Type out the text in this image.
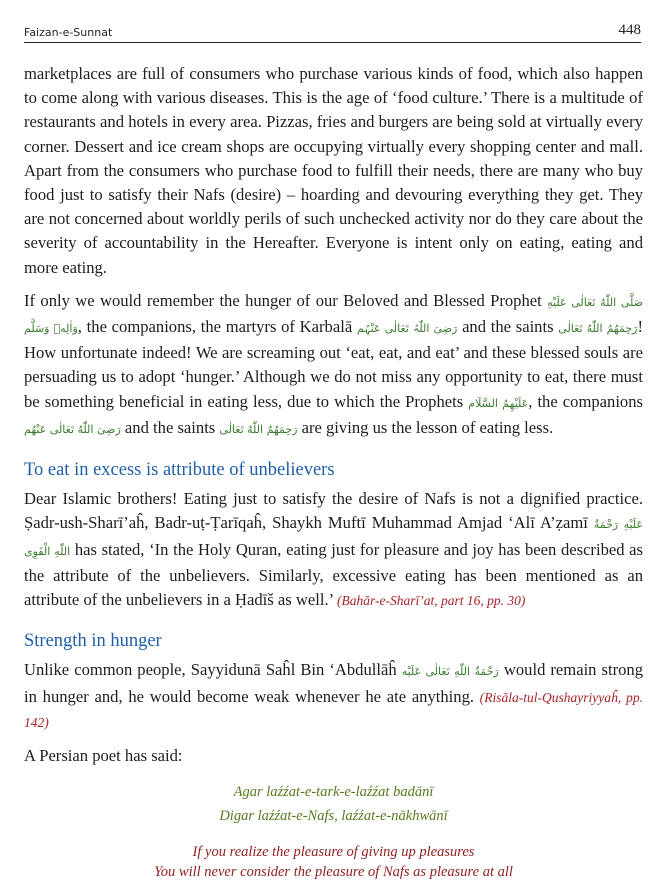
Faizan-e-Sunnat	448

marketplaces are full of consumers who purchase various kinds of food, which also happen to come along with various diseases. This is the age of ‘food culture.’ There is a multitude of restaurants and hotels in every area. Pizzas, fries and burgers are being sold at virtually every corner. Dessert and ice cream shops are occupying virtually every shopping center and mall. Apart from the consumers who purchase food to fulfill their needs, there are many who buy food just to satisfy their Nafs (desire) – hoarding and devouring everything they get. They are not concerned about worldly perils of such unchecked activity nor do they care about the severity of accountability in the Hereafter. Everyone is intent only on eating, eating and more eating.

If only we would remember the hunger of our Beloved and Blessed Prophet صَلَّى اللّٰهُ تَعَالٰى عَلَيْهِ وَاٰلِهٖ وَسَلَّم, the companions, the martyrs of Karbalā رَضِیَ اللّٰہُ تَعَالٰی عَنْہُم and the saints رَحِمَهُمُ اللّٰهُ تَعَالٰی! How unfortunate indeed! We are screaming out ‘eat, eat, and eat’ and these blessed souls are persuading us to adopt ‘hunger.’ Although we do not miss any opportunity to eat, there must be something beneficial in eating less, due to which the Prophets عَلَيْهِمُ السَّلَام, the companions رَضِیَ اللّٰهُ تَعَالٰی عَنْهُم and the saints رَحِمَهُمُ اللّٰهُ تَعَالٰی are giving us the lesson of eating less.

To eat in excess is attribute of unbelievers

Dear Islamic brothers! Eating just to satisfy the desire of Nafs is not a dignified practice. Ṣadr-ush-Sharī’aĥ, Badr-uṭ-Ṭarīqaĥ, Shaykh Muftī Muhammad Amjad ‘Alī A’ẓamī عَلَيْهِ رَحْمَةُ اللّٰهِ الْقَوِی has stated, ‘In the Holy Quran, eating just for pleasure and joy has been described as the attribute of the unbelievers. Similarly, excessive eating has been mentioned as an attribute of the unbelievers in a Ḥadīš as well.’ (Bahār-e-Sharī’at, part 16, pp. 30)

Strength in hunger

Unlike common people, Sayyidunā Saĥl Bin ‘Abdullāĥ رَحْمَةُ اللّٰهِ تَعَالٰی عَلَيْه would remain strong in hunger and, he would become weak whenever he ate anything. (Risāla-tul-Qushayriyyaĥ, pp. 142)

A Persian poet has said:

Agar laźźat-e-tark-e-laźźat badānī
Digar laźźat-e-Nafs, laźźat-e-nākhwānī
If you realize the pleasure of giving up pleasures
You will never consider the pleasure of Nafs as pleasure at all
